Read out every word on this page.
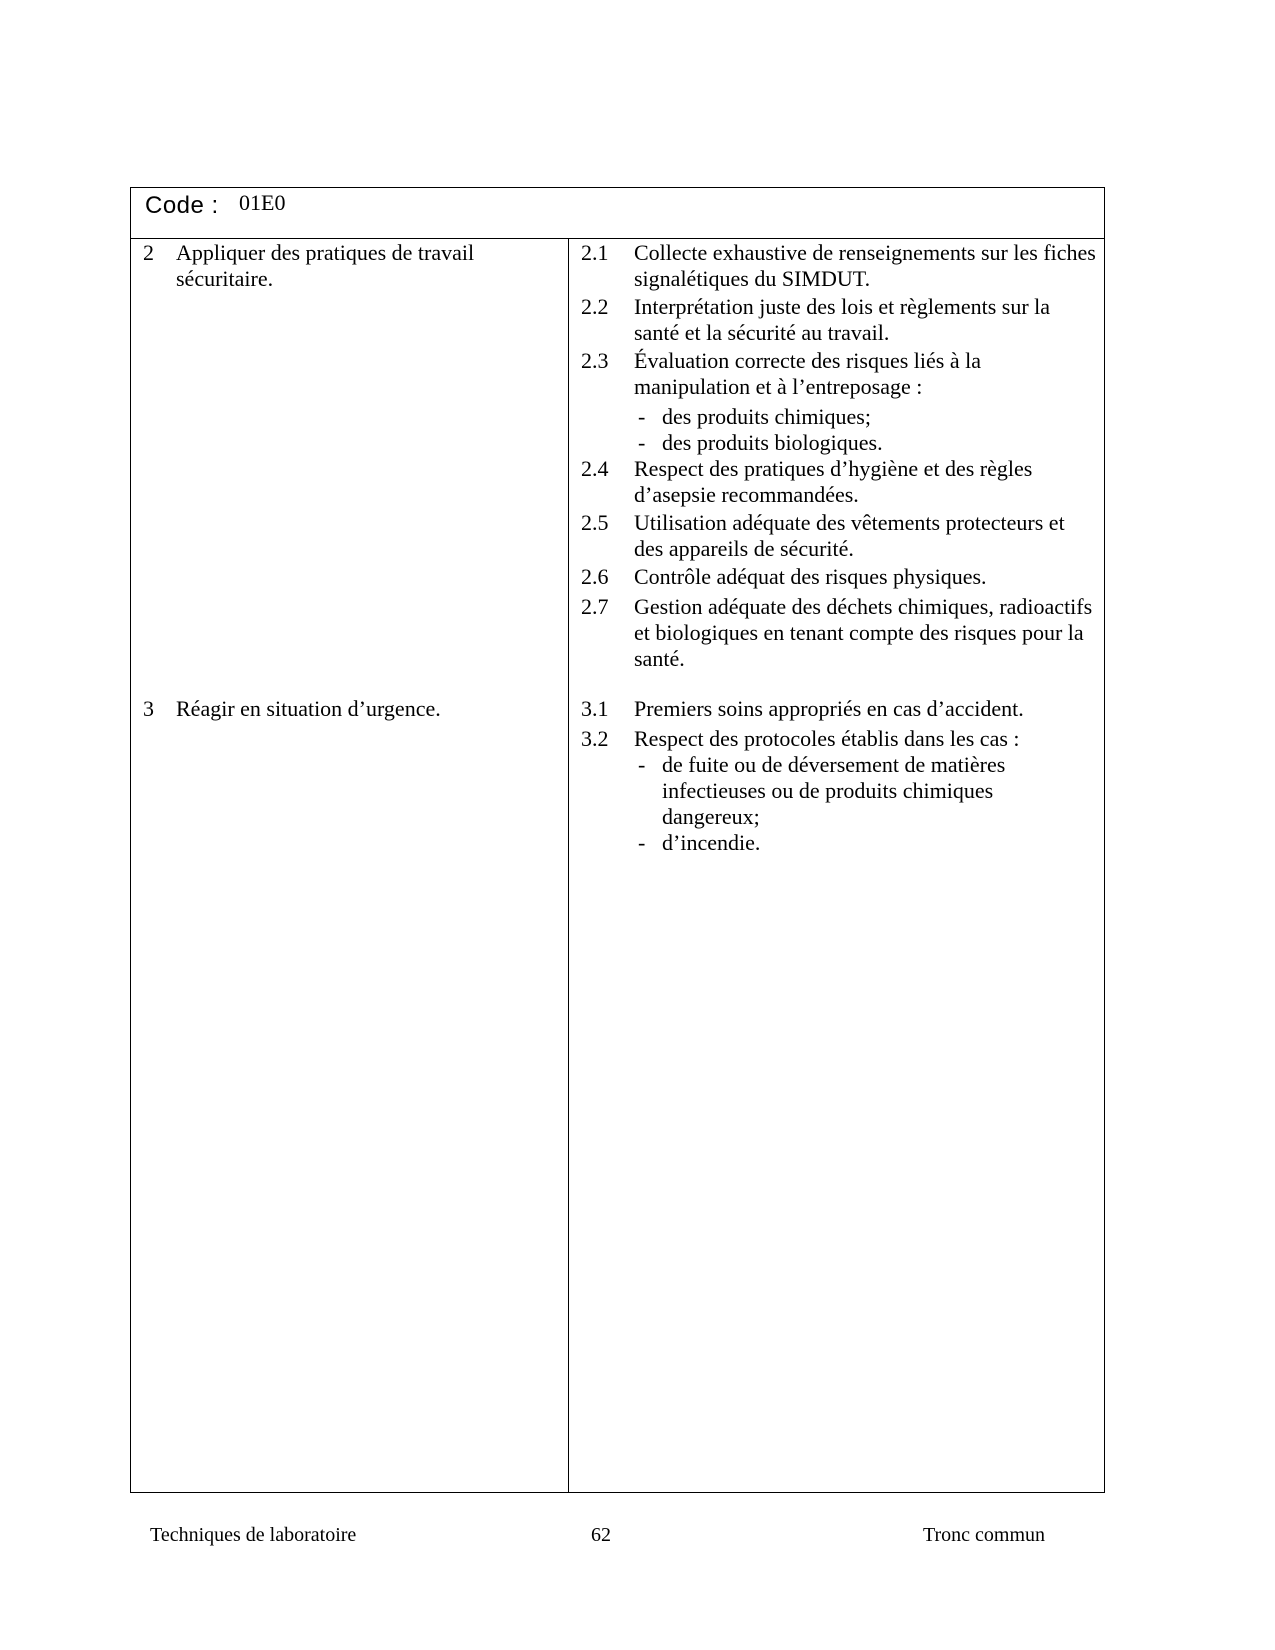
Code : 01E0
2 Appliquer des pratiques de travail sécuritaire.
3 Réagir en situation d’urgence.
2.1 Collecte exhaustive de renseignements sur les fiches signalétiques du SIMDUT.
2.2 Interprétation juste des lois et règlements sur la santé et la sécurité au travail.
2.3 Évaluation correcte des risques liés à la manipulation et à l’entreposage :
- des produits chimiques;
- des produits biologiques.
2.4 Respect des pratiques d’hygiène et des règles d’asepsie recommandées.
2.5 Utilisation adéquate des vêtements protecteurs et des appareils de sécurité.
2.6 Contrôle adéquat des risques physiques.
2.7 Gestion adéquate des déchets chimiques, radioactifs et biologiques en tenant compte des risques pour la santé.
3.1 Premiers soins appropriés en cas d’accident.
3.2 Respect des protocoles établis dans les cas :
- de fuite ou de déversement de matières infectieuses ou de produits chimiques dangereux;
- d’incendie.
Techniques de laboratoire	62	Tronc commun
